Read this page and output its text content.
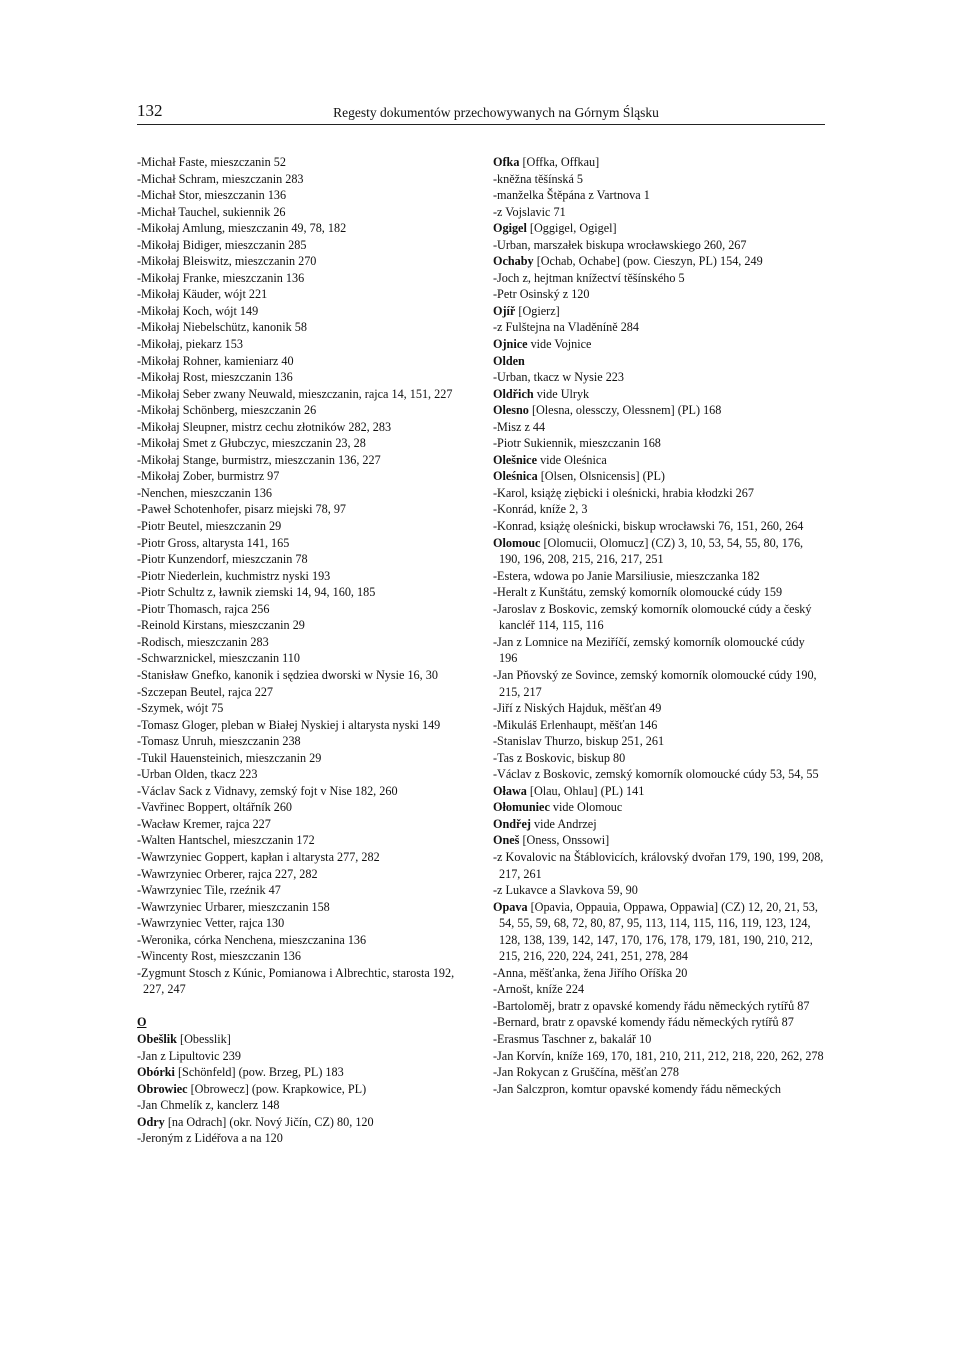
132	Regesty dokumentów przechowywanych na Górnym Śląsku

-Michał Faste, mieszczanin 52

-Michał Schram, mieszczanin 283

-Michał Stor, mieszczanin 136

-Michał Tauchel, sukiennik 26

-Mikołaj Amlung, mieszczanin 49, 78, 182

-Mikołaj Bidiger, mieszczanin 285

-Mikołaj Bleiswitz, mieszczanin 270

-Mikołaj Franke, mieszczanin 136

-Mikołaj Käuder, wójt 221

-Mikołaj Koch, wójt 149

-Mikołaj Niebelschütz, kanonik 58

-Mikołaj, piekarz 153

-Mikołaj Rohner, kamieniarz 40

-Mikołaj Rost, mieszczanin 136

-Mikołaj Seber zwany Neuwald, mieszczanin, rajca 14, 151, 227

-Mikołaj Schönberg, mieszczanin 26

-Mikołaj Sleupner, mistrz cechu złotników 282, 283

-Mikołaj Smet z Głubczyc, mieszczanin 23, 28

-Mikołaj Stange, burmistrz, mieszczanin 136, 227

-Mikołaj Zober, burmistrz 97

-Nenchen, mieszczanin 136

-Paweł Schotenhofer, pisarz miejski 78, 97

-Piotr Beutel, mieszczanin 29

-Piotr Gross, altarysta 141, 165

-Piotr Kunzendorf, mieszczanin 78

-Piotr Niederlein, kuchmistrz nyski 193

-Piotr Schultz z, ławnik ziemski 14, 94, 160, 185

-Piotr Thomasch, rajca 256

-Reinold Kirstans, mieszczanin 29

-Rodisch, mieszczanin 283

-Schwarznickel, mieszczanin 110

-Stanisław Gnefko, kanonik i sędziea dworski w Nysie 16, 30

-Szczepan Beutel, rajca 227

-Szymek, wójt 75

-Tomasz Gloger, pleban w Białej Nyskiej i altarysta nyski 149

-Tomasz Unruh, mieszczanin 238

-Tukil Hauensteinich, mieszczanin 29

-Urban Olden, tkacz 223

-Václav Sack z Vidnavy, zemský fojt v Nise 182, 260

-Vavřinec Boppert, oltářník 260

-Wacław Kremer, rajca 227

-Walten Hantschel, mieszczanin 172

-Wawrzyniec Goppert, kapłan i altarysta 277, 282

-Wawrzyniec Orberer, rajca 227, 282

-Wawrzyniec Tile, rzeźnik 47

-Wawrzyniec Urbarer, mieszczanin 158

-Wawrzyniec Vetter, rajca 130

-Weronika, córka Nenchena, mieszczanina 136

-Wincenty Rost, mieszczanin 136

-Zygmunt Stosch z Kúnic, Pomianowa i Albrechtic, starosta 192, 227, 247

O

Obešlik [Obesslik]

-Jan z Lipultovic 239

Obórki [Schönfeld] (pow. Brzeg, PL) 183

Obrowiec [Obrowecz] (pow. Krapkowice, PL)

-Jan Chmelík z, kanclerz 148

Odry [na Odrach] (okr. Nový Jičín, CZ) 80, 120

-Jeroným z Lidéřova a na 120

Ofka [Offka, Offkau]

-kněžna těšínská 5

-manželka Štěpána z Vartnova 1

-z Vojslavic 71

Ogigel [Oggigel, Ogigel]

-Urban, marszałek biskupa wrocławskiego 260, 267

Ochaby [Ochab, Ochabe] (pow. Cieszyn, PL) 154, 249

-Joch z, hejtman knížectví těšínského 5

-Petr Osinský z 120

Ojíř [Ogierz]

-z Fulštejna na Vladěníně 284

Ojnice vide Vojnice

Olden

-Urban, tkacz w Nysie 223

Oldřich vide Ulryk

Olesno [Olesna, olessczy, Olessnem] (PL) 168

-Misz z 44

-Piotr Sukiennik, mieszczanin 168

Olešnice vide Oleśnica

Oleśnica [Olsen, Olsnicensis] (PL)

-Karol, książę ziębicki i oleśnicki, hrabia kłodzki 267

-Konrád, kníže 2, 3

-Konrad, książę oleśnicki, biskup wrocławski 76, 151, 260, 264

Olomouc [Olomucii, Olomucz] (CZ) 3, 10, 53, 54, 55, 80, 176, 190, 196, 208, 215, 216, 217, 251

-Estera, wdowa po Janie Marsiliusie, mieszczanka 182

-Heralt z Kunštátu, zemský komorník olomoucké cúdy 159

-Jaroslav z Boskovic, zemský komorník olomoucké cúdy a český kancléř 114, 115, 116

-Jan z Lomnice na Meziříčí, zemský komorník olomoucké cúdy 196

-Jan Pňovský ze Sovince, zemský komorník olomoucké cúdy 190, 215, 217

-Jiří z Niských Hajduk, měšťan 49

-Mikuláš Erlenhaupt, měšťan 146

-Stanislav Thurzo, biskup 251, 261

-Tas z Boskovic, biskup 80

-Václav z Boskovic, zemský komorník olomoucké cúdy 53, 54, 55

Oława [Olau, Ohlau] (PL) 141

Ołomuniec vide Olomouc

Ondřej vide Andrzej

Oneš [Oness, Onssowi]

-z Kovalovic na Štáblovicích, královský dvořan 179, 190, 199, 208, 217, 261

-z Lukavce a Slavkova 59, 90

Opava [Opavia, Oppauia, Oppawa, Oppawia] (CZ) 12, 20, 21, 53, 54, 55, 59, 68, 72, 80, 87, 95, 113, 114, 115, 116, 119, 123, 124, 128, 138, 139, 142, 147, 170, 176, 178, 179, 181, 190, 210, 212, 215, 216, 220, 224, 241, 251, 278, 284

-Anna, měšťanka, žena Jiřího Oříška 20

-Arnošt, kníže 224

-Bartoloměj, bratr z opavské komendy řádu německých rytířů 87

-Bernard, bratr z opavské komendy řádu německých rytířů 87

-Erasmus Taschner z, bakalář 10

-Jan Korvín, kníže 169, 170, 181, 210, 211, 212, 218, 220, 262, 278

-Jan Rokycan z Gruščína, měšťan 278

-Jan Salczpron, komtur opavské komendy řádu německých
